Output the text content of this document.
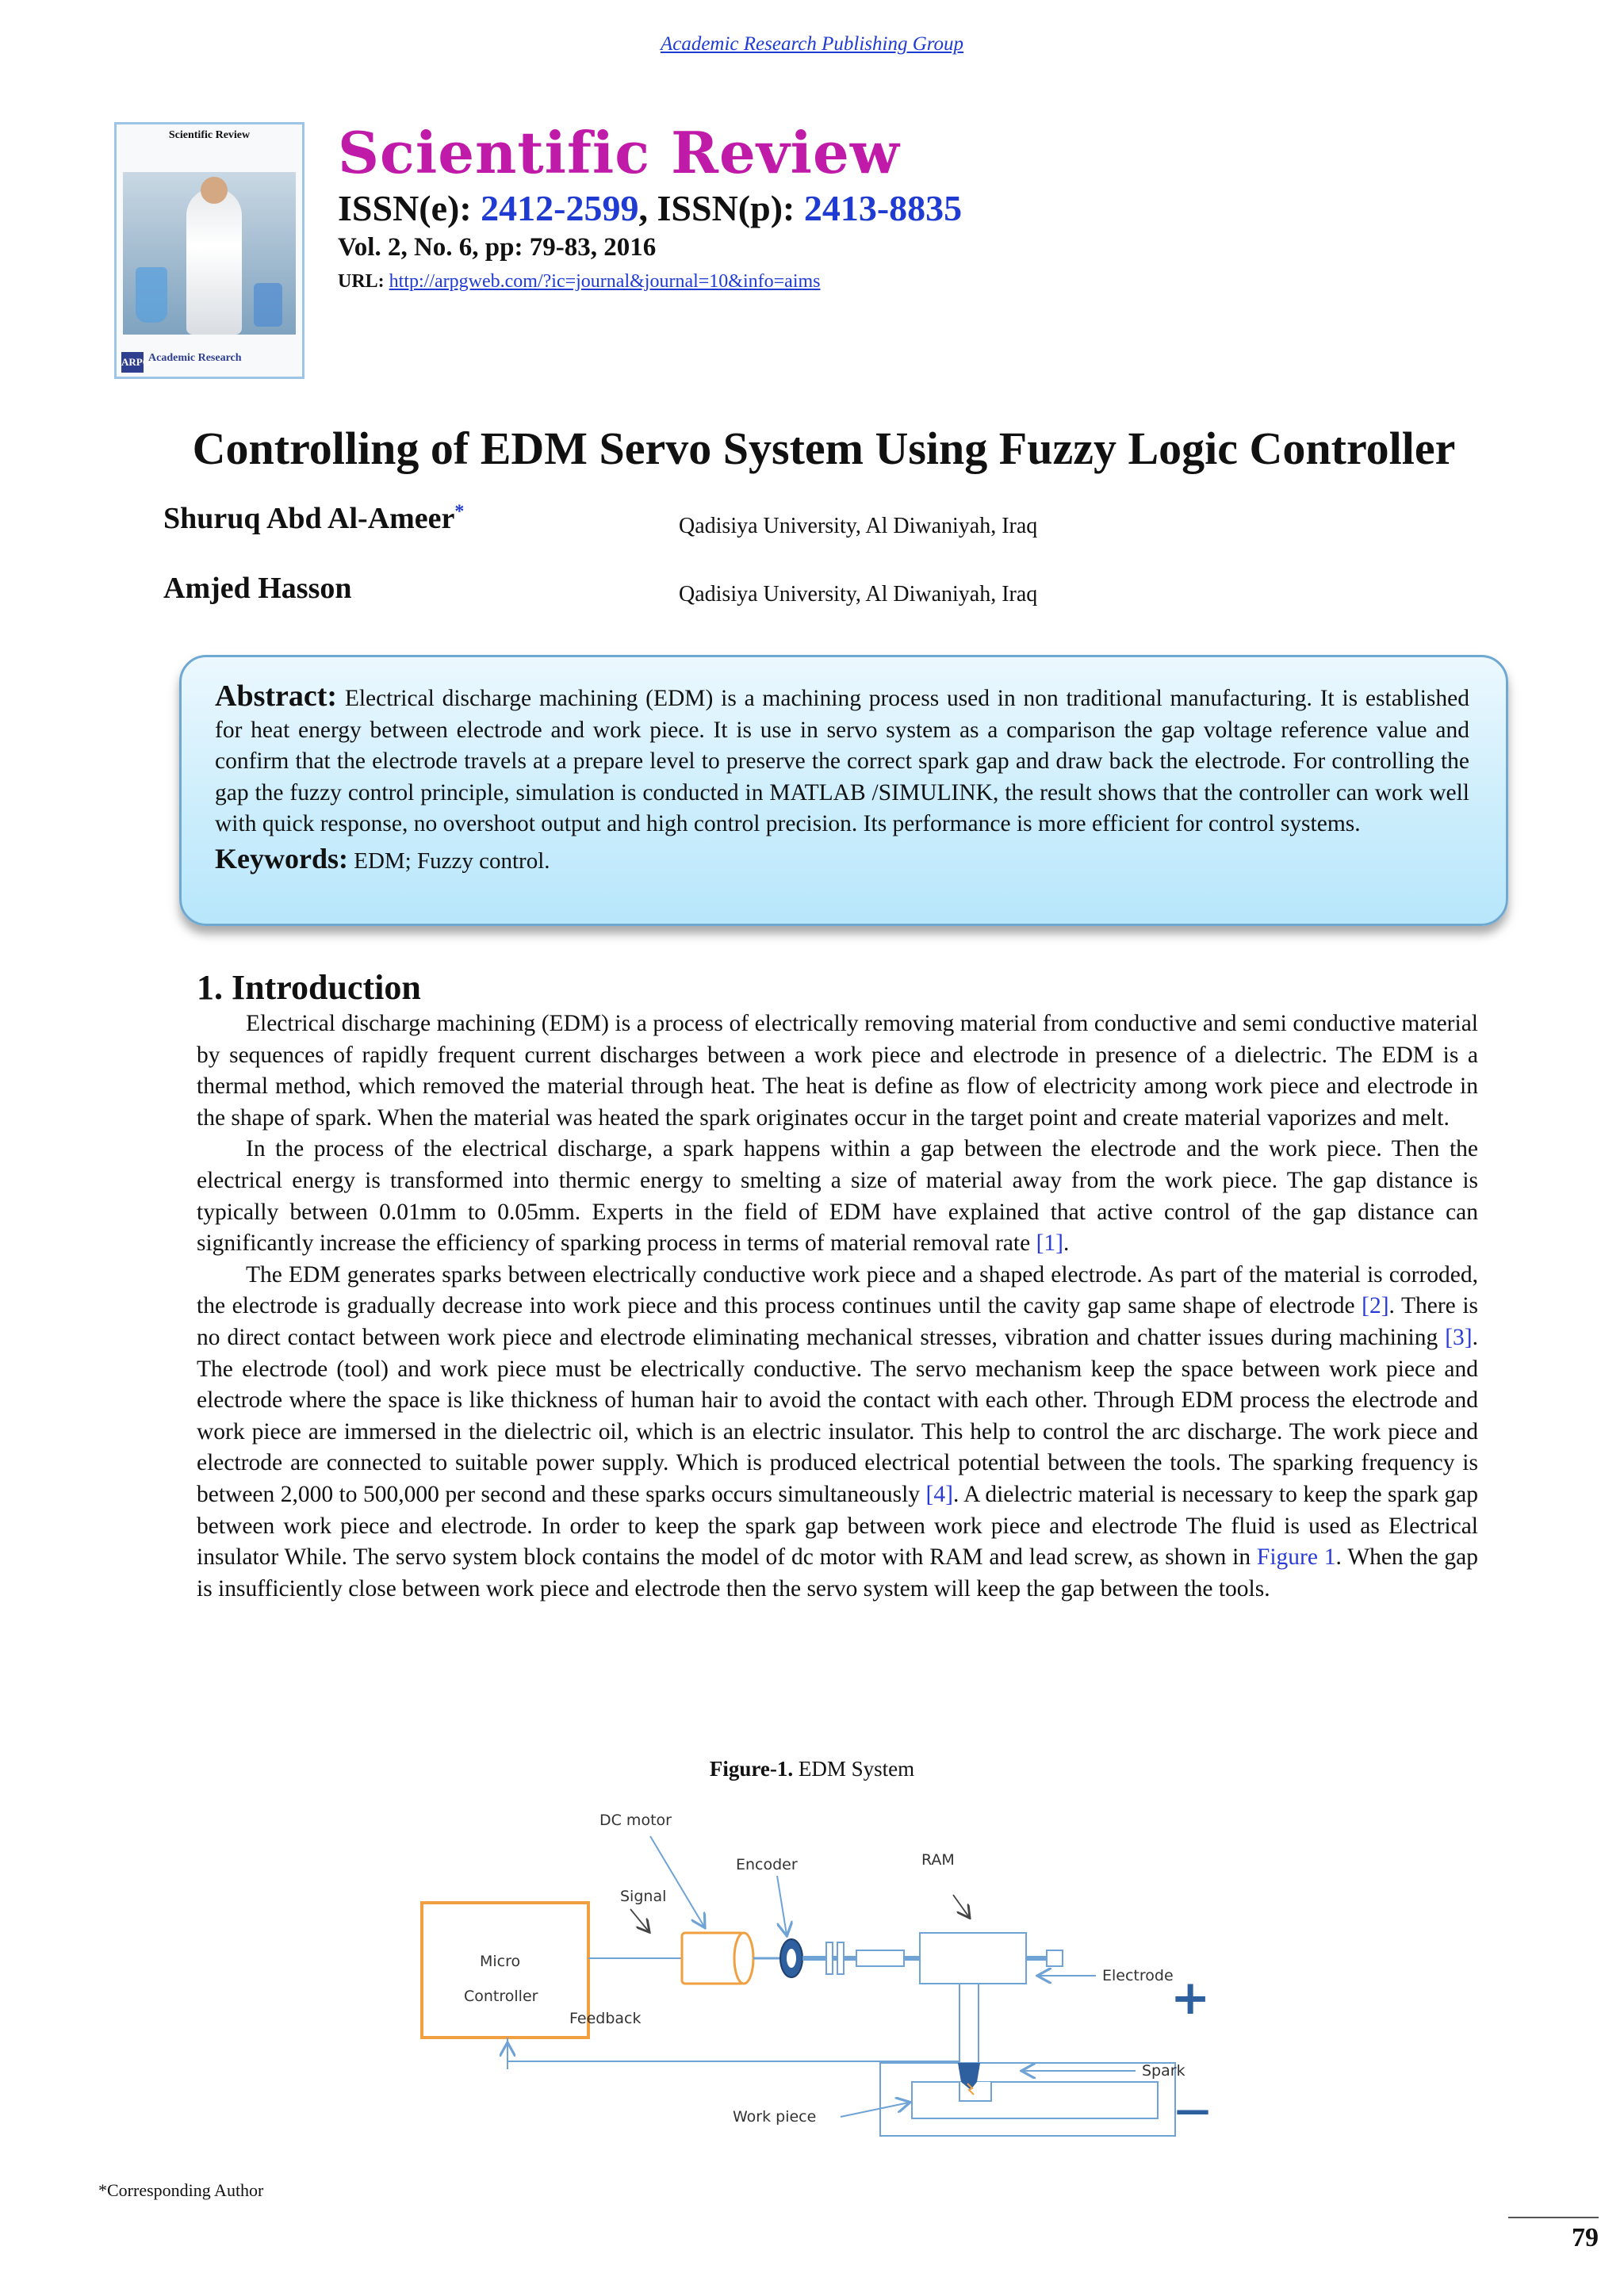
Academic Research Publishing Group
Scientific Review
ARPG
Academic Research
Scientific Review
ISSN(e): 2412-2599, ISSN(p): 2413-8835
Vol. 2, No. 6, pp: 79-83, 2016
URL: http://arpgweb.com/?ic=journal&journal=10&info=aims
Controlling of EDM Servo System Using Fuzzy Logic Controller
Shuruq Abd Al-Ameer*
Qadisiya University, Al Diwaniyah, Iraq
Amjed Hasson	Qadisiya University, Al Diwaniyah, Iraq
Abstract: Electrical discharge machining (EDM) is a machining process used in non traditional manufacturing. It is established for heat energy between electrode and work piece. It is use in servo system as a comparison the gap voltage reference value and confirm that the electrode travels at a prepare level to preserve the correct spark gap and draw back the electrode. For controlling the gap the fuzzy control principle, simulation is conducted in MATLAB /SIMULINK, the result shows that the controller can work well with quick response, no overshoot output and high control precision. Its performance is more efficient for control systems.
Keywords: EDM; Fuzzy control.
1. Introduction

Electrical discharge machining (EDM) is a process of electrically removing material from conductive and semi conductive material by sequences of rapidly frequent current discharges between a work piece and electrode in presence of a dielectric. The EDM is a thermal method, which removed the material through heat. The heat is define as flow of electricity among work piece and electrode in the shape of spark. When the material was heated the spark originates occur in the target point and create material vaporizes and melt.

In the process of the electrical discharge, a spark happens within a gap between the electrode and the work piece. Then the electrical energy is transformed into thermic energy to smelting a size of material away from the work piece. The gap distance is typically between 0.01mm to 0.05mm. Experts in the field of EDM have explained that active control of the gap distance can significantly increase the efficiency of sparking process in terms of material removal rate [1].

The EDM generates sparks between electrically conductive work piece and a shaped electrode. As part of the material is corroded, the electrode is gradually decrease into work piece and this process continues until the cavity gap same shape of electrode [2]. There is no direct contact between work piece and electrode eliminating mechanical stresses, vibration and chatter issues during machining [3]. The electrode (tool) and work piece must be electrically conductive. The servo mechanism keep the space between work piece and electrode where the space is like thickness of human hair to avoid the contact with each other. Through EDM process the electrode and work piece are immersed in the dielectric oil, which is an electric insulator. This help to control the arc discharge. The work piece and electrode are connected to suitable power supply. Which is produced electrical potential between the tools. The sparking frequency is between 2,000 to 500,000 per second and these sparks occurs simultaneously [4]. A dielectric material is necessary to keep the spark gap between work piece and electrode. In order to keep the spark gap between work piece and electrode The fluid is used as Electrical insulator While. The servo system block contains the model of dc motor with RAM and lead screw, as shown in Figure 1. When the gap is insufficiently close between work piece and electrode then the servo system will keep the gap between the tools.

Figure-1. EDM System
Micro
Controller
DC motor
Signal
Encoder	RAM
Feedback
Electrode
+
Spark
—
Work piece
*Corresponding Author
79
